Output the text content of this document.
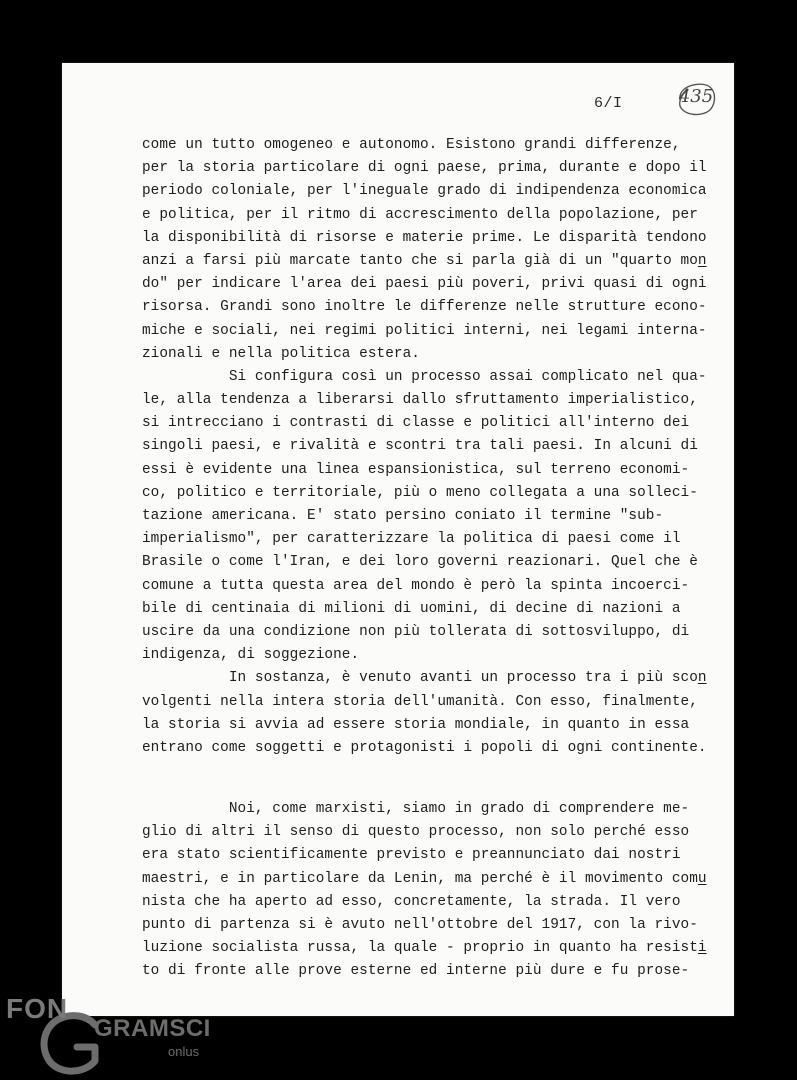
6/I	435
come un tutto omogeneo e autonomo. Esistono grandi differenze,
per la storia particolare di ogni paese, prima, durante e dopo il
periodo coloniale, per l'ineguale grado di indipendenza economica
e politica, per il ritmo di accrescimento della popolazione, per
la disponibilità di risorse e materie prime. Le disparità tendono
anzi a farsi più marcate tanto che si parla già di un "quarto mon
do" per indicare l'area dei paesi più poveri, privi quasi di ogni
risorsa. Grandi sono inoltre le differenze nelle strutture econo-
miche e sociali, nei regimi politici interni, nei legami interna-
zionali e nella politica estera.
Si configura così un processo assai complicato nel qua-
le, alla tendenza a liberarsi dallo sfruttamento imperialistico,
si intrecciano i contrasti di classe e politici all'interno dei
singoli paesi, e rivalità e scontri tra tali paesi. In alcuni di
essi è evidente una linea espansionistica, sul terreno economi-
co, politico e territoriale, più o meno collegata a una solleci-
tazione americana. E' stato persino coniato il termine "sub-
imperialismo", per caratterizzare la politica di paesi come il
Brasile o come l'Iran, e dei loro governi reazionari. Quel che è
comune a tutta questa area del mondo è però la spinta incoerci-
bile di centinaia di milioni di uomini, di decine di nazioni a
uscire da una condizione non più tollerata di sottosviluppo, di
indigenza, di soggezione.
In sostanza, è venuto avanti un processo tra i più scon
volgenti nella intera storia dell'umanità. Con esso, finalmente,
la storia si avvia ad essere storia mondiale, in quanto in essa
entrano come soggetti e protagonisti i popoli di ogni continente.
Noi, come marxisti, siamo in grado di comprendere me-
glio di altri il senso di questo processo, non solo perché esso
era stato scientificamente previsto e preannunciato dai nostri
maestri, e in particolare da Lenin, ma perché è il movimento comu
nista che ha aperto ad esso, concretamente, la strada. Il vero
punto di partenza si è avuto nell'ottobre del 1917, con la rivo-
luzione socialista russa, la quale - proprio in quanto ha resisti
to di fronte alle prove esterne ed interne più dure e fu prose-
FON
GRAMSCI
onlus
